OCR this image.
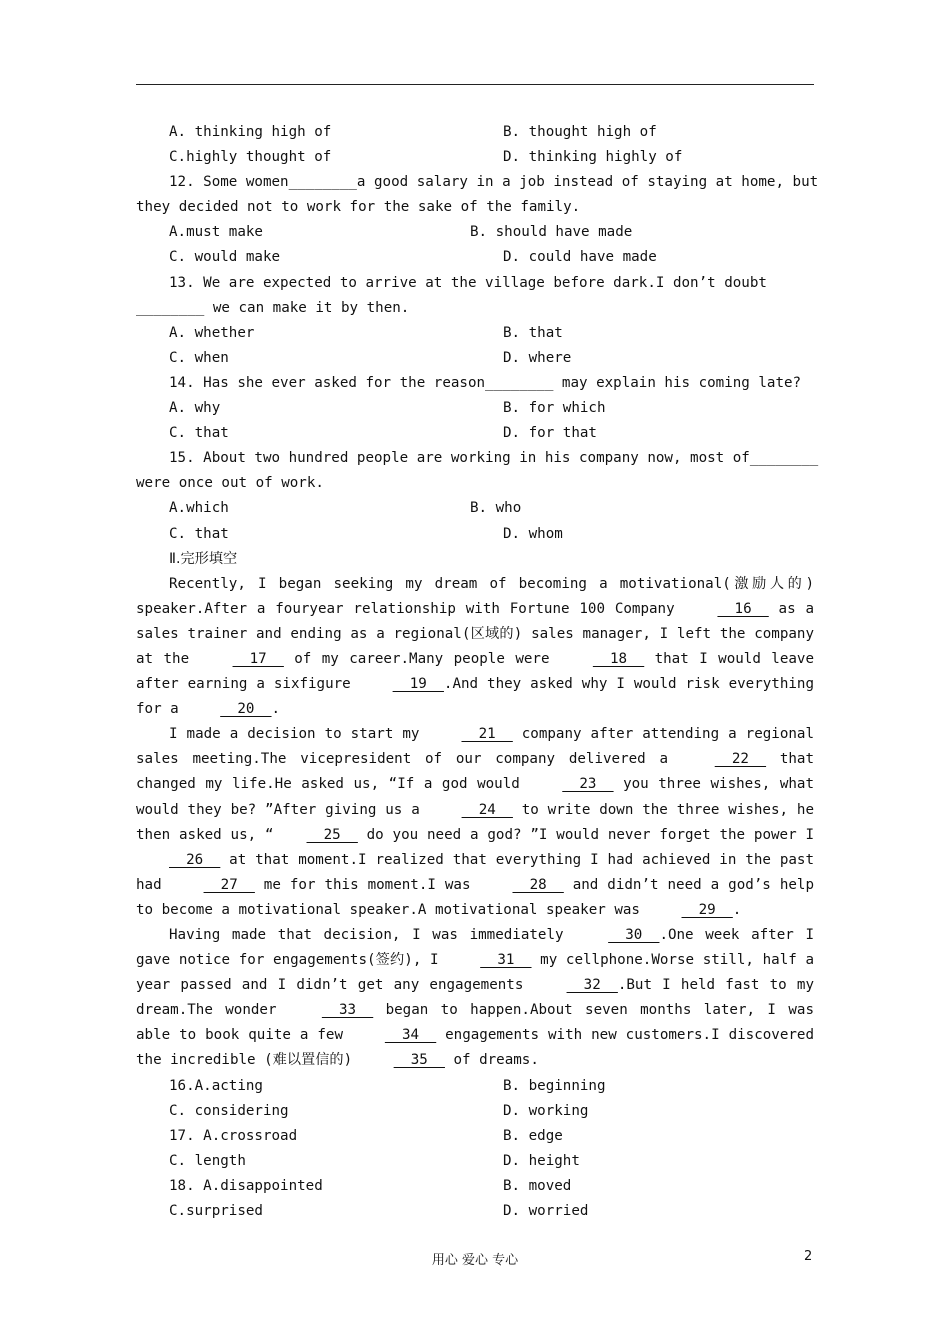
A. thinking high of	B. thought high of
C.highly thought of	D. thinking highly of
12. Some women________a good salary in a job instead of staying at home, but
they decided not to work for the sake of the family.
A.must make	B. should have made
C. would make	D. could have made
13. We are expected to arrive at the village before dark.I don’t doubt
________ we can make it by then.
A. whether	B. that
C. when	D. where
14. Has she ever asked for the reason________ may explain his coming late?
A. why	B. for which
C. that	D. for that
15. About two hundred people are working in his company now, most of________
were once out of work.
A.which	B. who
C. that	D. whom
Ⅱ.完形填空

Recently, I began seeking my dream of becoming a motivational(激励人的) speaker.After a fouryear relationship with Fortune 100 Company __16__ as a sales trainer and ending as a regional(区域的) sales manager, I left the company at the __17__ of my career.Many people were __18__ that I would leave after earning a sixfigure __19__.And they asked why I would risk everything for a __20__.

I made a decision to start my __21__ company after attending a regional sales meeting.The vicepresident of our company delivered a __22__ that changed my life.He asked us, “If a god would __23__ you three wishes, what would they be? ”After giving us a __24__ to write down the three wishes, he then asked us, “ __25__ do you need a god? ”I would never forget the power I __26__ at that moment.I realized that everything I had achieved in the past had __27__ me for this moment.I was __28__ and didn’t need a god’s help to become a motivational speaker.A motivational speaker was __29__.

Having made that decision, I was immediately __30__.One week after I gave notice for engagements(签约), I __31__ my cellphone.Worse still, half a year passed and I didn’t get any engagements __32__.But I held fast to my dream.The wonder __33__ began to happen.About seven months later, I was able to book quite a few __34__ engagements with new customers.I discovered the incredible (难以置信的) __35__ of dreams.

16.A.acting	B. beginning
C. considering	D. working
17. A.crossroad	B. edge
C. length	D. height
18. A.disappointed	B. moved
C.surprised	D. worried
用心 爱心 专心	2
